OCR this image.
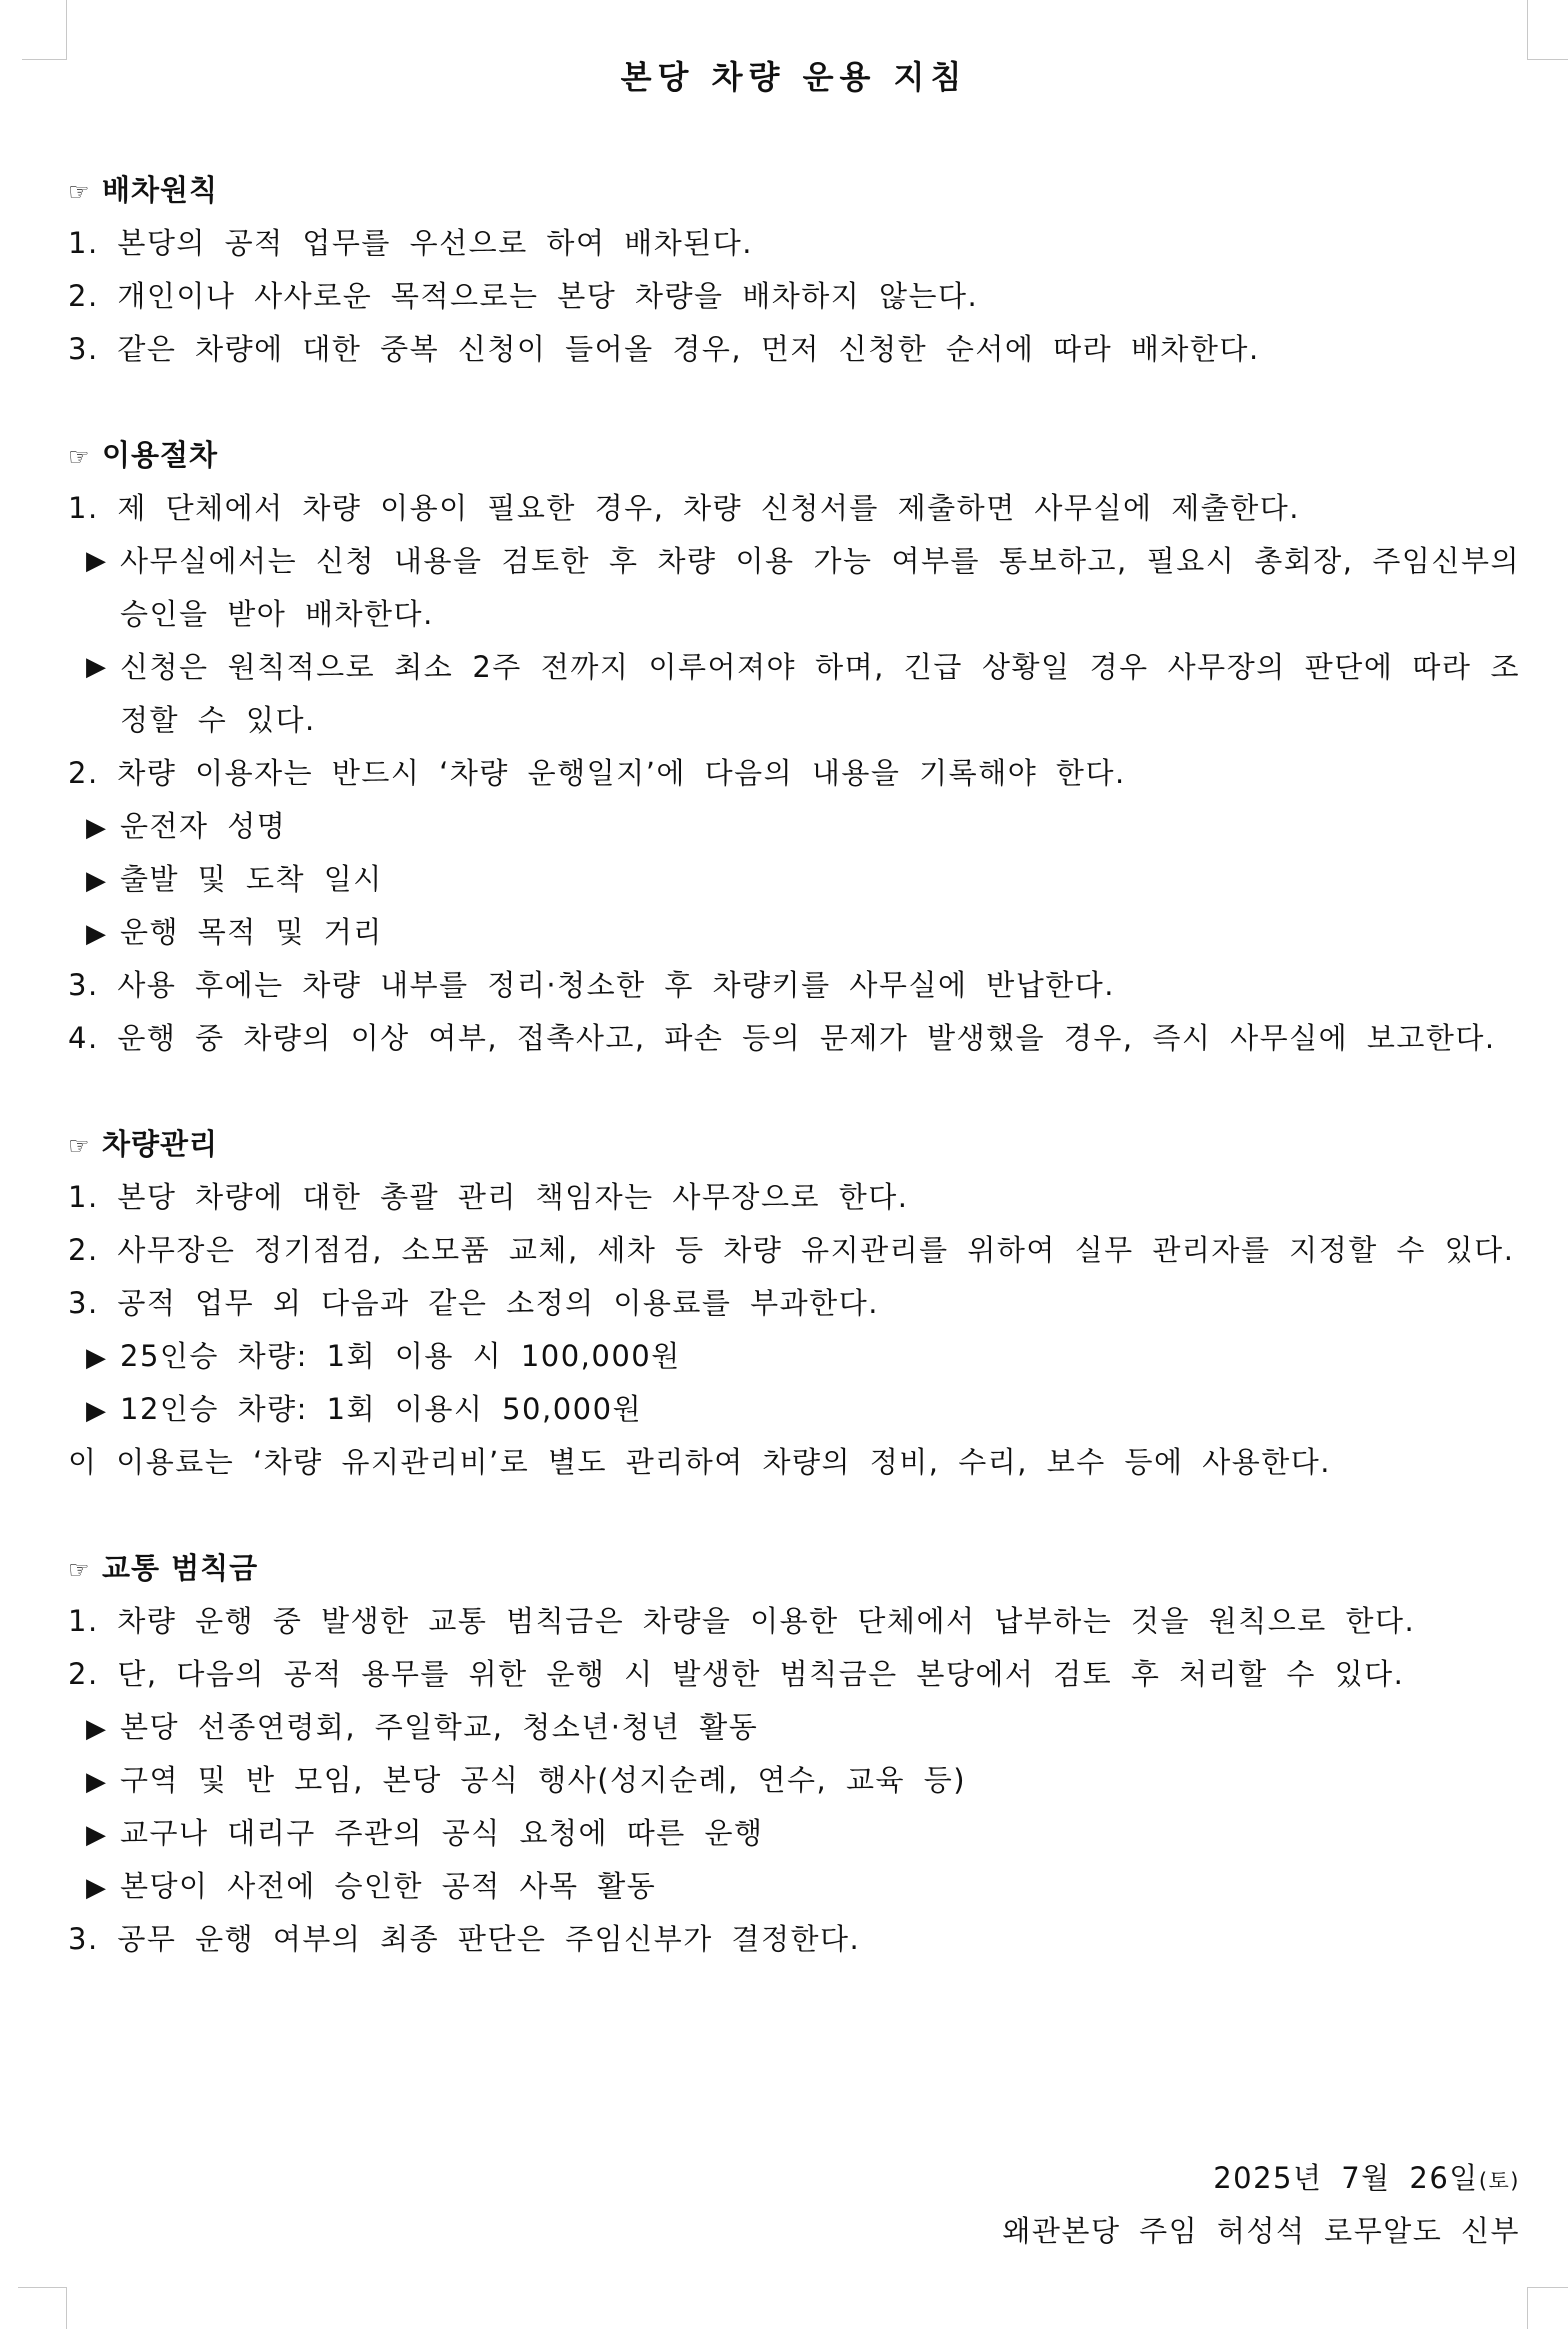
본당 차량 운용 지침
☞ 배차원칙
1. 본당의 공적 업무를 우선으로 하여 배차된다.
2. 개인이나 사사로운 목적으로는 본당 차량을 배차하지 않는다.
3. 같은 차량에 대한 중복 신청이 들어올 경우, 먼저 신청한 순서에 따라 배차한다.
☞ 이용절차
1. 제 단체에서 차량 이용이 필요한 경우, 차량 신청서를 제출하면 사무실에 제출한다.
▶ 사무실에서는 신청 내용을 검토한 후 차량 이용 가능 여부를 통보하고, 필요시 총회장, 주임신부의 승인을 받아 배차한다.
▶ 신청은 원칙적으로 최소 2주 전까지 이루어져야 하며, 긴급 상황일 경우 사무장의 판단에 따라 조정할 수 있다.
2. 차량 이용자는 반드시 ‘차량 운행일지’에 다음의 내용을 기록해야 한다.
▶ 운전자 성명
▶ 출발 및 도착 일시
▶ 운행 목적 및 거리
3. 사용 후에는 차량 내부를 정리·청소한 후 차량키를 사무실에 반납한다.
4. 운행 중 차량의 이상 여부, 접촉사고, 파손 등의 문제가 발생했을 경우, 즉시 사무실에 보고한다.
☞ 차량관리
1. 본당 차량에 대한 총괄 관리 책임자는 사무장으로 한다.
2. 사무장은 정기점검, 소모품 교체, 세차 등 차량 유지관리를 위하여 실무 관리자를 지정할 수 있다.
3. 공적 업무 외 다음과 같은 소정의 이용료를 부과한다.
▶ 25인승 차량: 1회 이용 시 100,000원
▶ 12인승 차량: 1회 이용시 50,000원
이 이용료는 ‘차량 유지관리비’로 별도 관리하여 차량의 정비, 수리, 보수 등에 사용한다.
☞ 교통 범칙금
1. 차량 운행 중 발생한 교통 범칙금은 차량을 이용한 단체에서 납부하는 것을 원칙으로 한다.
2. 단, 다음의 공적 용무를 위한 운행 시 발생한 범칙금은 본당에서 검토 후 처리할 수 있다.
▶ 본당 선종연령회, 주일학교, 청소년·청년 활동
▶ 구역 및 반 모임, 본당 공식 행사(성지순례, 연수, 교육 등)
▶ 교구나 대리구 주관의 공식 요청에 따른 운행
▶ 본당이 사전에 승인한 공적 사목 활동
3. 공무 운행 여부의 최종 판단은 주임신부가 결정한다.
2025년 7월 26일(토)
왜관본당 주임 허성석 로무알도 신부
